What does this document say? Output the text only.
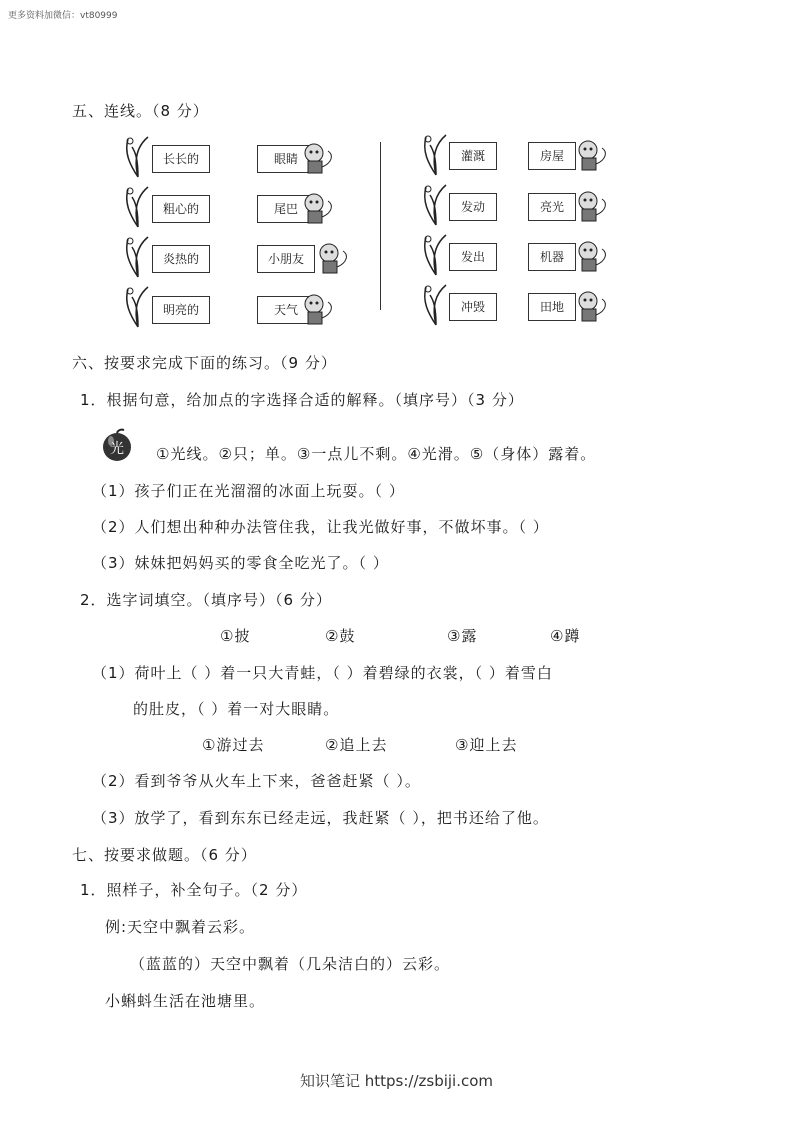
更多资料加微信：vt80999
五、连线。（8 分）
长长的
粗心的
炎热的
明亮的
眼睛
尾巴
小朋友
天气
灌溉
发动
发出
冲毁
房屋
亮光
机器
田地
六、按要求完成下面的练习。（9 分）
1．根据句意，给加点的字选择合适的解释。（填序号）（3 分）
光 ①光线。②只；单。③一点儿不剩。④光滑。⑤（身体）露着。
（1）孩子们正在光溜溜的冰面上玩耍。（ ）
（2）人们想出种种办法管住我，让我光做好事，不做坏事。（ ）
（3）妹妹把妈妈买的零食全吃光了。（ ）
2．选字词填空。（填序号）（6 分）
①披	②鼓	③露	④蹲
（1）荷叶上（ ）着一只大青蛙，（ ）着碧绿的衣裳，（ ）着雪白
的肚皮，（ ）着一对大眼睛。
①游过去	②追上去	③迎上去
（2）看到爷爷从火车上下来，爸爸赶紧（ ）。
（3）放学了，看到东东已经走远，我赶紧（ ），把书还给了他。
七、按要求做题。（6 分）
1．照样子，补全句子。（2 分）
例:天空中飘着云彩。
（蓝蓝的）天空中飘着（几朵洁白的）云彩。
小蝌蚪生活在池塘里。
知识笔记 https://zsbiji.com
